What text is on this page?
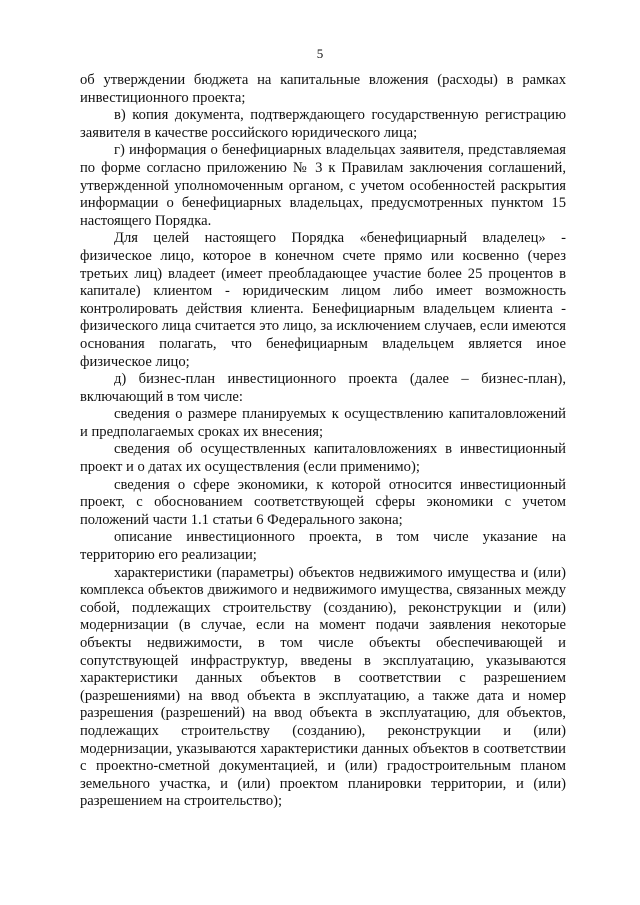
5

об утверждении бюджета на капитальные вложения (расходы) в рамках инвестиционного проекта;

в) копия документа, подтверждающего государственную регистрацию заявителя в качестве российского юридического лица;

г) информация о бенефициарных владельцах заявителя, представляемая по форме согласно приложению № 3 к Правилам заключения соглашений, утвержденной уполномоченным органом, с учетом особенностей раскрытия информации о бенефициарных владельцах, предусмотренных пунктом 15 настоящего Порядка.

Для целей настоящего Порядка «бенефициарный владелец» - физическое лицо, которое в конечном счете прямо или косвенно (через третьих лиц) владеет (имеет преобладающее участие более 25 процентов в капитале) клиентом - юридическим лицом либо имеет возможность контролировать действия клиента. Бенефициарным владельцем клиента - физического лица считается это лицо, за исключением случаев, если имеются основания полагать, что бенефициарным владельцем является иное физическое лицо;

д) бизнес-план инвестиционного проекта (далее – бизнес-план), включающий в том числе:

сведения о размере планируемых к осуществлению капиталовложений и предполагаемых сроках их внесения;

сведения об осуществленных капиталовложениях в инвестиционный проект и о датах их осуществления (если применимо);

сведения о сфере экономики, к которой относится инвестиционный проект, с обоснованием соответствующей сферы экономики с учетом положений части 1.1 статьи 6 Федерального закона;

описание инвестиционного проекта, в том числе указание на территорию его реализации;

характеристики (параметры) объектов недвижимого имущества и (или) комплекса объектов движимого и недвижимого имущества, связанных между собой, подлежащих строительству (созданию), реконструкции и (или) модернизации (в случае, если на момент подачи заявления некоторые объекты недвижимости, в том числе объекты обеспечивающей и сопутствующей инфраструктур, введены в эксплуатацию, указываются характеристики данных объектов в соответствии с разрешением (разрешениями) на ввод объекта в эксплуатацию, а также дата и номер разрешения (разрешений) на ввод объекта в эксплуатацию, для объектов, подлежащих строительству (созданию), реконструкции и (или) модернизации, указываются характеристики данных объектов в соответствии с проектно-сметной документацией, и (или) градостроительным планом земельного участка, и (или) проектом планировки территории, и (или) разрешением на строительство);
